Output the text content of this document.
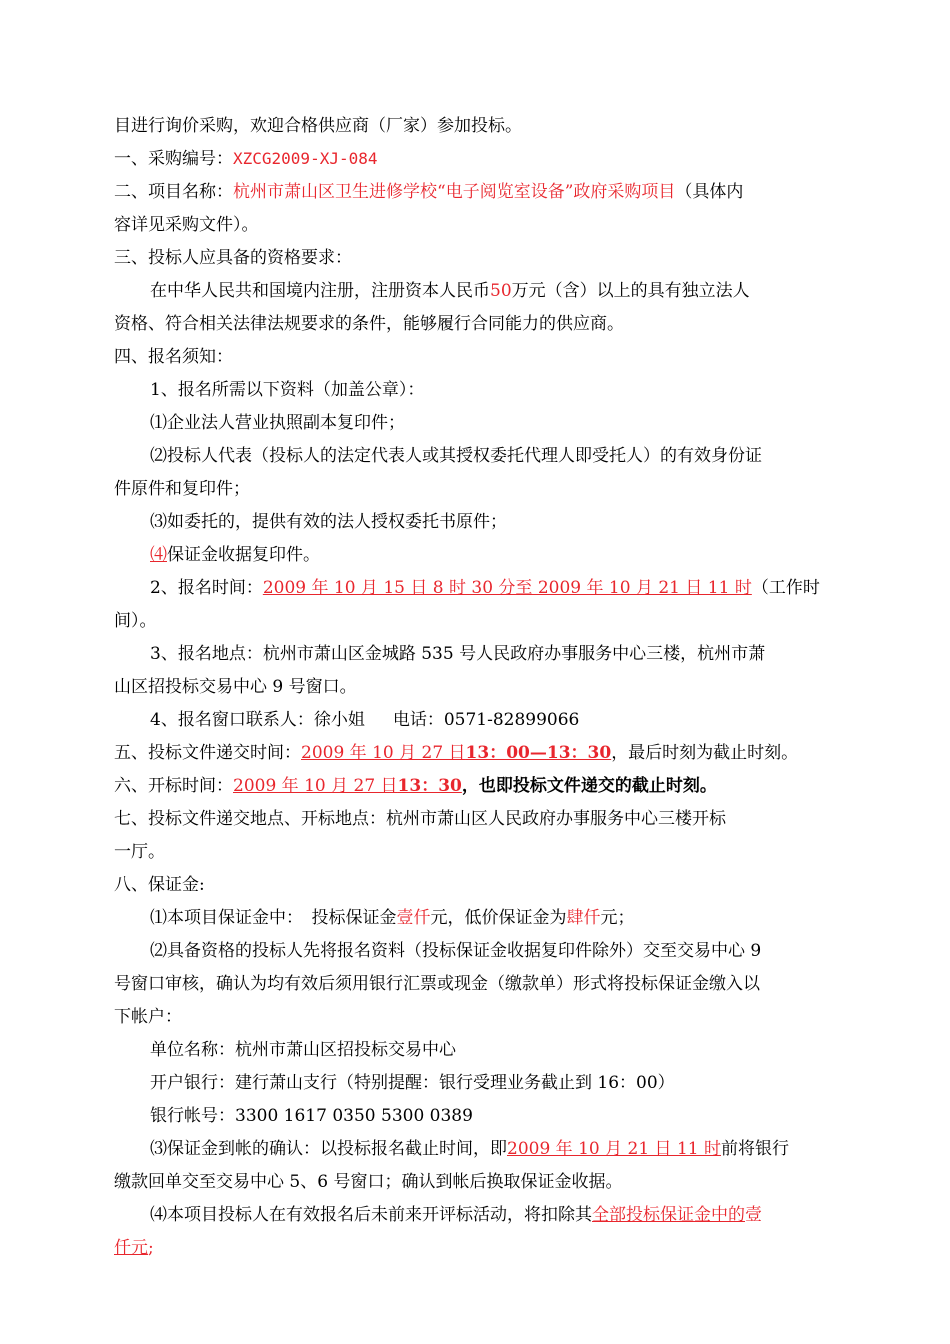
目进行询价采购，欢迎合格供应商（厂家）参加投标。
一、采购编号：XZCG2009-XJ-084
二、项目名称：杭州市萧山区卫生进修学校“电子阅览室设备”政府采购项目（具体内
容详见采购文件）。
三、投标人应具备的资格要求：
在中华人民共和国境内注册，注册资本人民币50万元（含）以上的具有独立法人
资格、符合相关法律法规要求的条件，能够履行合同能力的供应商。
四、报名须知：
1、报名所需以下资料（加盖公章）：
⑴企业法人营业执照副本复印件；
⑵投标人代表（投标人的法定代表人或其授权委托代理人即受托人）的有效身份证
件原件和复印件；
⑶如委托的，提供有效的法人授权委托书原件；
⑷保证金收据复印件。
2、报名时间：2009 年 10 月 15 日 8 时 30 分至 2009 年 10 月 21 日 11 时（工作时
间）。
3、报名地点：杭州市萧山区金城路 535 号人民政府办事服务中心三楼，杭州市萧
山区招投标交易中心 9 号窗口。
4、报名窗口联系人：徐小姐 电话：0571-82899066
五、投标文件递交时间：2009 年 10 月 27 日13：00—13：30，最后时刻为截止时刻。
六、开标时间：2009 年 10 月 27 日13：30，也即投标文件递交的截止时刻。
七、投标文件递交地点、开标地点：杭州市萧山区人民政府办事服务中心三楼开标
一厅。
八、保证金:
⑴本项目保证金中：　投标保证金壹仟元，低价保证金为肆仟元；
⑵具备资格的投标人先将报名资料（投标保证金收据复印件除外）交至交易中心 9
号窗口审核，确认为均有效后须用银行汇票或现金（缴款单）形式将投标保证金缴入以
下帐户：
单位名称：杭州市萧山区招投标交易中心
开户银行：建行萧山支行（特别提醒：银行受理业务截止到 16：00）
银行帐号：3300 1617 0350 5300 0389
⑶保证金到帐的确认：以投标报名截止时间，即2009 年 10 月 21 日 11 时前将银行
缴款回单交至交易中心 5、6 号窗口；确认到帐后换取保证金收据。
⑷本项目投标人在有效报名后未前来开评标活动，将扣除其全部投标保证金中的壹
仟元;
